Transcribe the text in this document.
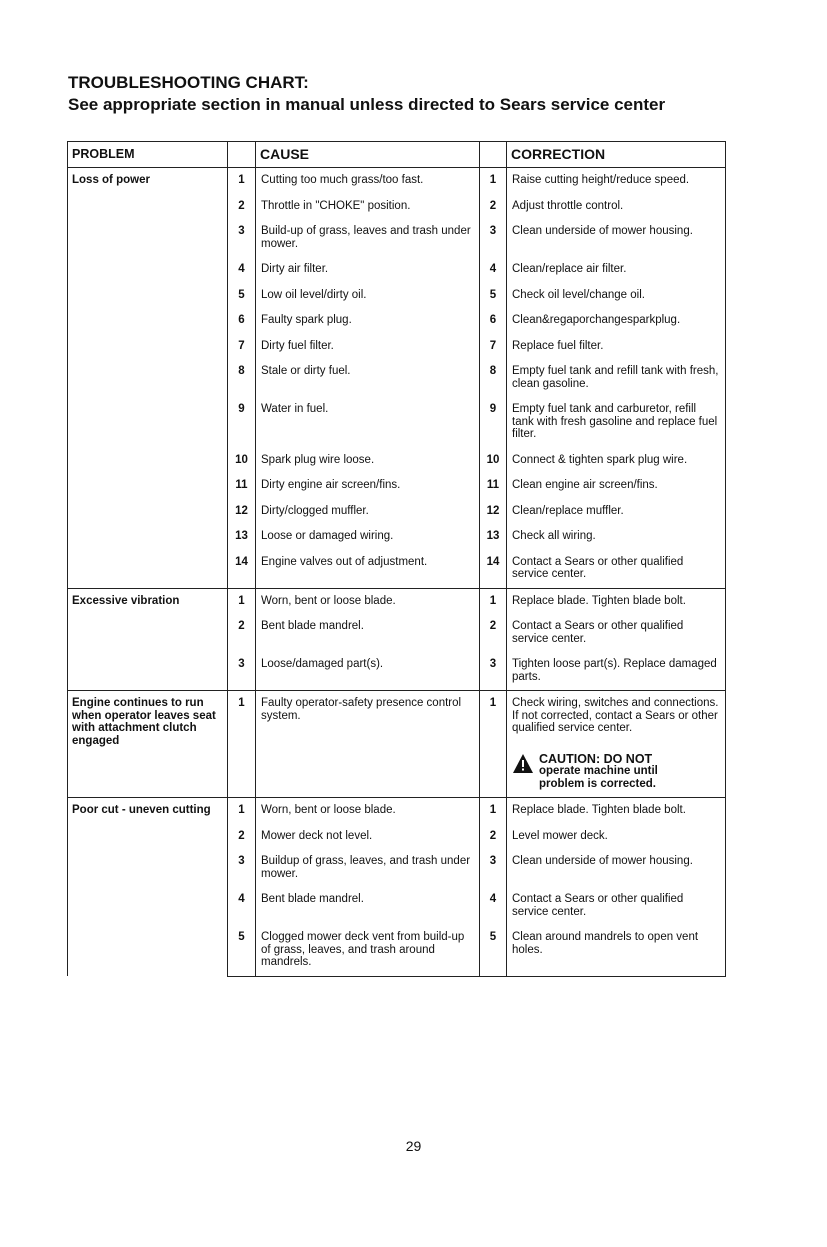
TROUBLESHOOTING CHART:
See appropriate section in manual unless directed to Sears service center
PROBLEM		CAUSE		CORRECTION
Loss of power	1	Cutting too much grass/too fast.	1	Raise cutting height/reduce speed.
	2	Throttle in "CHOKE" position.	2	Adjust throttle control.
	3	Build-up of grass, leaves and trash under mower.	3	Clean underside of mower housing.
	4	Dirty air filter.	4	Clean/replace air filter.
	5	Low oil level/dirty oil.	5	Check oil level/change oil.
	6	Faulty spark plug.	6	Clean&regaporchangesparkplug.
	7	Dirty fuel filter.	7	Replace fuel filter.
	8	Stale or dirty fuel.	8	Empty fuel tank and refill tank with fresh, clean gasoline.
	9	Water in fuel.	9	Empty fuel tank and carburetor, refill tank with fresh gasoline and replace fuel filter.
	10	Spark plug wire loose.	10	Connect & tighten spark plug wire.
	11	Dirty engine air screen/fins.	11	Clean engine air screen/fins.
	12	Dirty/clogged muffler.	12	Clean/replace muffler.
	13	Loose or damaged wiring.	13	Check all wiring.
	14	Engine valves out of adjustment.	14	Contact a Sears or other qualified service center.
Excessive vibration	1	Worn, bent or loose blade.	1	Replace blade. Tighten blade bolt.
	2	Bent blade mandrel.	2	Contact a Sears or other qualified service center.
	3	Loose/damaged part(s).	3	Tighten loose part(s). Replace damaged parts.
Engine continues to run when operator leaves seat with attachment clutch engaged	1	Faulty operator-safety presence control system.	1	Check wiring, switches and connections. If not corrected, contact a Sears or other qualified service center.
CAUTION: DO NOT
operate machine until
problem is corrected.

Poor cut - uneven cutting	1	Worn, bent or loose blade.	1	Replace blade. Tighten blade bolt.
	2	Mower deck not level.	2	Level mower deck.
	3	Buildup of grass, leaves, and trash under mower.	3	Clean underside of mower housing.
	4	Bent blade mandrel.	4	Contact a Sears or other qualified service center.
	5	Clogged mower deck vent from build-up of grass, leaves, and trash around mandrels.	5	Clean around mandrels to open vent holes.
29
